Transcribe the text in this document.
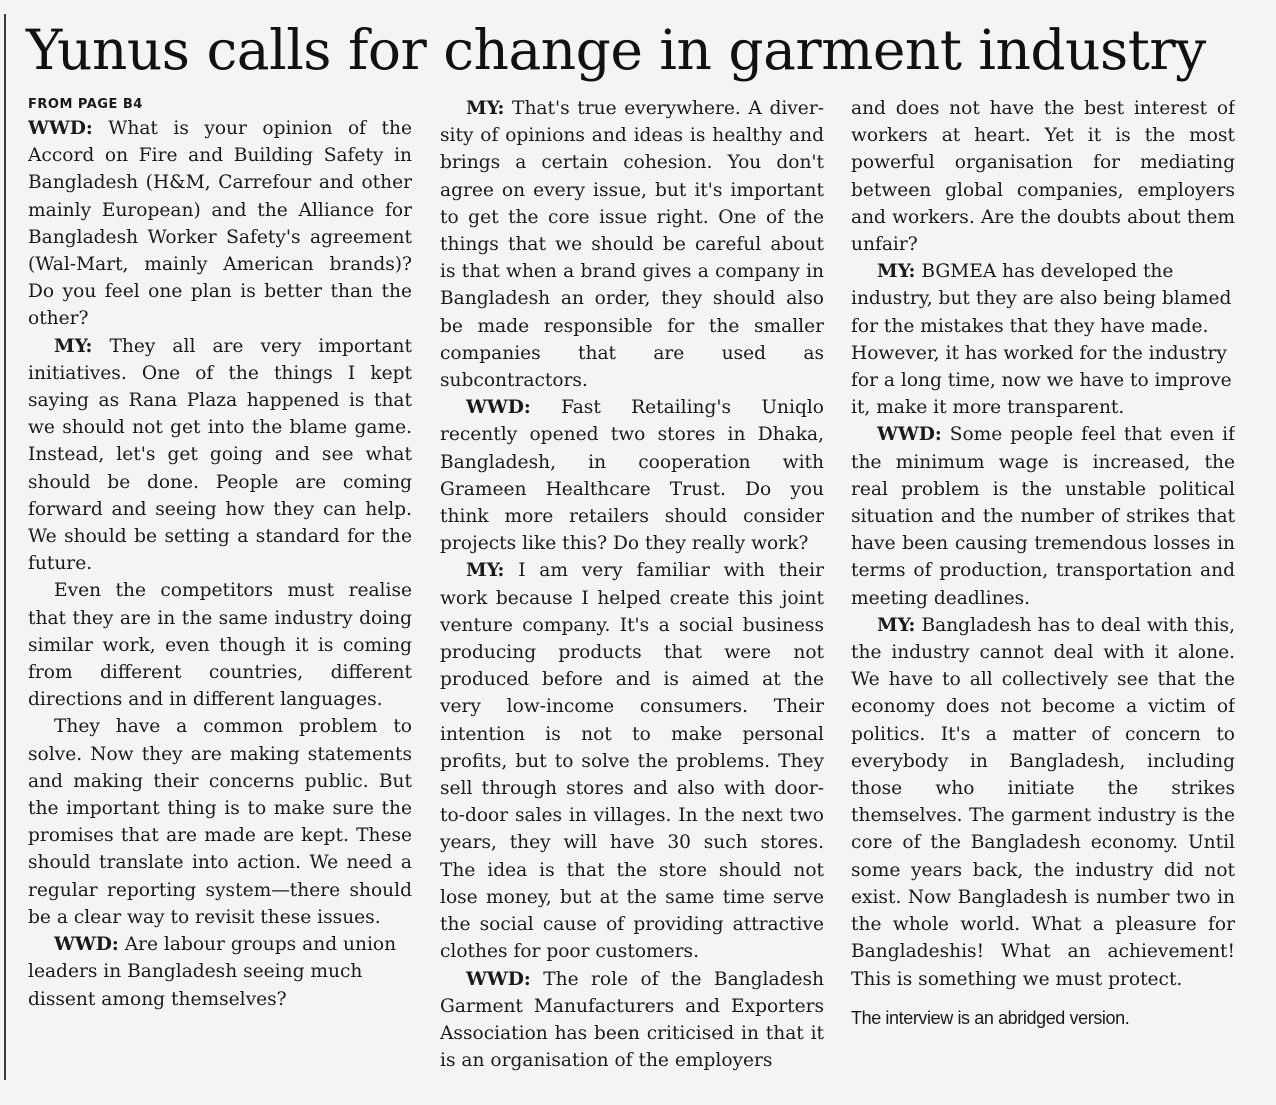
Yunus calls for change in garment industry
FROM PAGE B4

WWD: What is your opinion of the Accord on Fire and Building Safety in Bangladesh (H&M, Carrefour and other mainly European) and the Alliance for Bangladesh Worker Safety's agreement (Wal-Mart, mainly American brands)? Do you feel one plan is better than the other?

MY: They all are very important initiatives. One of the things I kept saying as Rana Plaza happened is that we should not get into the blame game. Instead, let's get going and see what should be done. People are coming forward and seeing how they can help. We should be setting a standard for the future.

Even the competitors must realise that they are in the same industry doing similar work, even though it is coming from different countries, different directions and in different languages.

They have a common problem to solve. Now they are making statements and making their concerns public. But the important thing is to make sure the promises that are made are kept. These should translate into action. We need a regular reporting system—there should be a clear way to revisit these issues.

WWD: Are labour groups and union leaders in Bangladesh seeing much dissent among themselves?

MY: That's true everywhere. A diversity of opinions and ideas is healthy and brings a certain cohesion. You don't agree on every issue, but it's important to get the core issue right. One of the things that we should be careful about is that when a brand gives a company in Bangladesh an order, they should also be made responsible for the smaller companies that are used as subcontractors.

WWD: Fast Retailing's Uniqlo recently opened two stores in Dhaka, Bangladesh, in cooperation with Grameen Healthcare Trust. Do you think more retailers should consider projects like this? Do they really work?

MY: I am very familiar with their work because I helped create this joint venture company. It's a social business producing products that were not produced before and is aimed at the very low-income consumers. Their intention is not to make personal profits, but to solve the problems. They sell through stores and also with door-to-door sales in villages. In the next two years, they will have 30 such stores. The idea is that the store should not lose money, but at the same time serve the social cause of providing attractive clothes for poor customers.

WWD: The role of the Bangladesh Garment Manufacturers and Exporters Association has been criticised in that it is an organisation of the employers

and does not have the best interest of workers at heart. Yet it is the most powerful organisation for mediating between global companies, employers and workers. Are the doubts about them unfair?

MY: BGMEA has developed the industry, but they are also being blamed for the mistakes that they have made. However, it has worked for the industry for a long time, now we have to improve it, make it more transparent.

WWD: Some people feel that even if the minimum wage is increased, the real problem is the unstable political situation and the number of strikes that have been causing tremendous losses in terms of production, transportation and meeting deadlines.

MY: Bangladesh has to deal with this, the industry cannot deal with it alone. We have to all collectively see that the economy does not become a victim of politics. It's a matter of concern to everybody in Bangladesh, including those who initiate the strikes themselves. The garment industry is the core of the Bangladesh economy. Until some years back, the industry did not exist. Now Bangladesh is number two in the whole world. What a pleasure for Bangladeshis! What an achievement! This is something we must protect.

The interview is an abridged version.
